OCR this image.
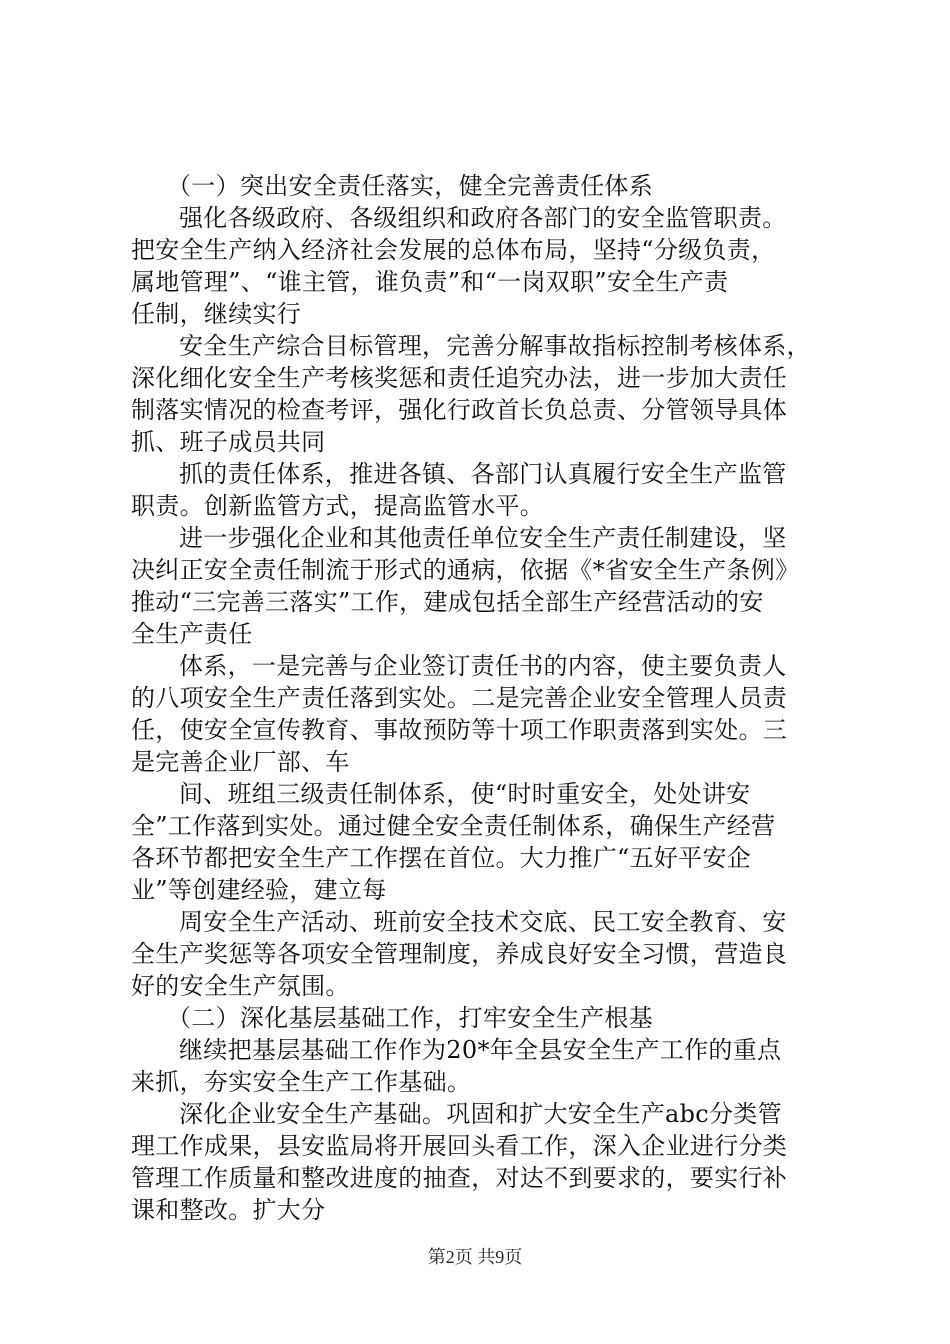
（一）突出安全责任落实，健全完善责任体系
强化各级政府、各级组织和政府各部门的安全监管职责。
把安全生产纳入经济社会发展的总体布局，坚持“分级负责，
属地管理”、“谁主管，谁负责”和“一岗双职”安全生产责
任制，继续实行
安全生产综合目标管理，完善分解事故指标控制考核体系，
深化细化安全生产考核奖惩和责任追究办法，进一步加大责任
制落实情况的检查考评，强化行政首长负总责、分管领导具体
抓、班子成员共同
抓的责任体系，推进各镇、各部门认真履行安全生产监管
职责。创新监管方式，提高监管水平。
进一步强化企业和其他责任单位安全生产责任制建设，坚
决纠正安全责任制流于形式的通病，依据《*省安全生产条例》
推动“三完善三落实”工作，建成包括全部生产经营活动的安
全生产责任
体系，一是完善与企业签订责任书的内容，使主要负责人
的八项安全生产责任落到实处。二是完善企业安全管理人员责
任，使安全宣传教育、事故预防等十项工作职责落到实处。三
是完善企业厂部、车
间、班组三级责任制体系，使“时时重安全，处处讲安
全”工作落到实处。通过健全安全责任制体系，确保生产经营
各环节都把安全生产工作摆在首位。大力推广“五好平安企
业”等创建经验，建立每
周安全生产活动、班前安全技术交底、民工安全教育、安
全生产奖惩等各项安全管理制度，养成良好安全习惯，营造良
好的安全生产氛围。
（二）深化基层基础工作，打牢安全生产根基
继续把基层基础工作作为20*年全县安全生产工作的重点
来抓，夯实安全生产工作基础。
深化企业安全生产基础。巩固和扩大安全生产abc分类管
理工作成果，县安监局将开展回头看工作，深入企业进行分类
管理工作质量和整改进度的抽查，对达不到要求的，要实行补
课和整改。扩大分
第2页 共9页
